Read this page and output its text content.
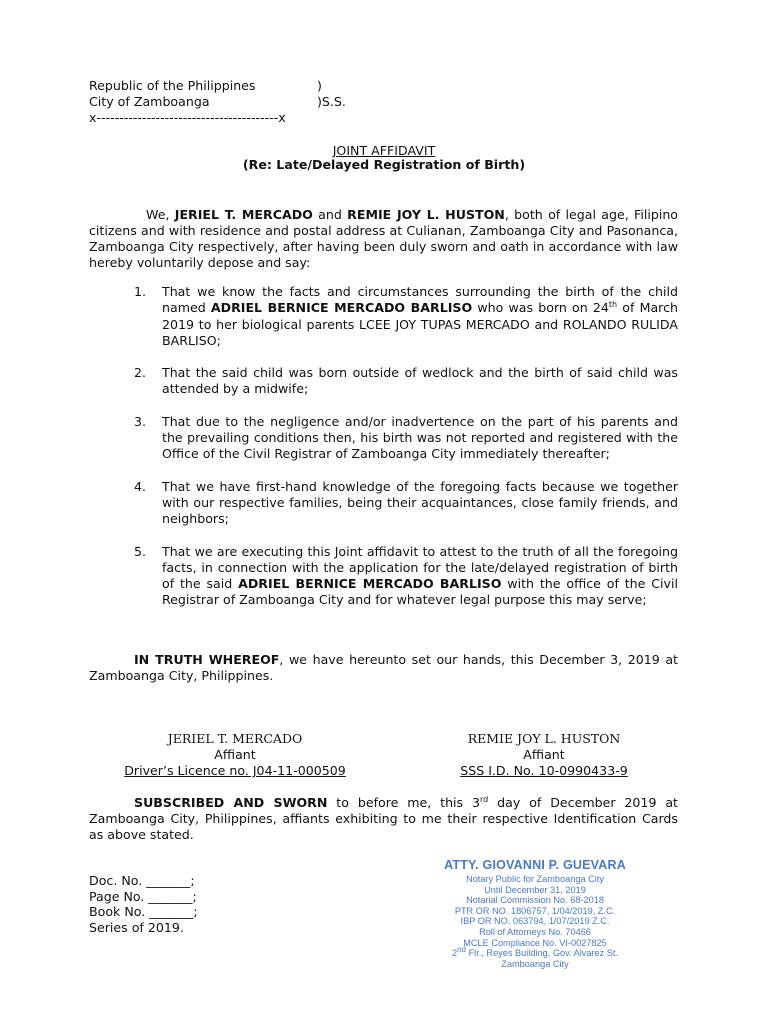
Republic of the Philippines	)
City of Zamboanga	)S.S.
x----------------------------------------x
JOINT AFFIDAVIT
(Re: Late/Delayed Registration of Birth)
We, JERIEL T. MERCADO and REMIE JOY L. HUSTON, both of legal age, Filipino citizens and with residence and postal address at Culianan, Zamboanga City and Pasonanca, Zamboanga City respectively, after having been duly sworn and oath in accordance with law hereby voluntarily depose and say:
1. That we know the facts and circumstances surrounding the birth of the child named ADRIEL BERNICE MERCADO BARLISO who was born on 24th of March 2019 to her biological parents LCEE JOY TUPAS MERCADO and ROLANDO RULIDA BARLISO;
2. That the said child was born outside of wedlock and the birth of said child was attended by a midwife;
3. That due to the negligence and/or inadvertence on the part of his parents and the prevailing conditions then, his birth was not reported and registered with the Office of the Civil Registrar of Zamboanga City immediately thereafter;
4. That we have first-hand knowledge of the foregoing facts because we together with our respective families, being their acquaintances, close family friends, and neighbors;
5. That we are executing this Joint affidavit to attest to the truth of all the foregoing facts, in connection with the application for the late/delayed registration of birth of the said ADRIEL BERNICE MERCADO BARLISO with the office of the Civil Registrar of Zamboanga City and for whatever legal purpose this may serve;
IN TRUTH WHEREOF, we have hereunto set our hands, this December 3, 2019 at Zamboanga City, Philippines.
JERIEL T. MERCADO
Affiant
Driver’s Licence no. J04-11-000509
REMIE JOY L. HUSTON
Affiant
SSS I.D. No. 10-0990433-9
SUBSCRIBED AND SWORN to before me, this 3rd day of December 2019 at Zamboanga City, Philippines, affiants exhibiting to me their respective Identification Cards as above stated.
Doc. No. _______;
Page No. _______;
Book No. _______;
Series of 2019.
ATTY. GIOVANNI P. GUEVARA
Notary Public for Zamboanga City
Until December 31, 2019
Notarial Commission No. 68-2018
PTR OR NO. 1806757, 1/04/2019, Z.C.
IBP OR NO. 063794, 1/07/2019 Z.C.
Roll of Attorneys No. 70466
MCLE Compliance No. VI-0027825
2nd Flr., Reyes Building, Gov. Alvarez St.
Zamboanga City
